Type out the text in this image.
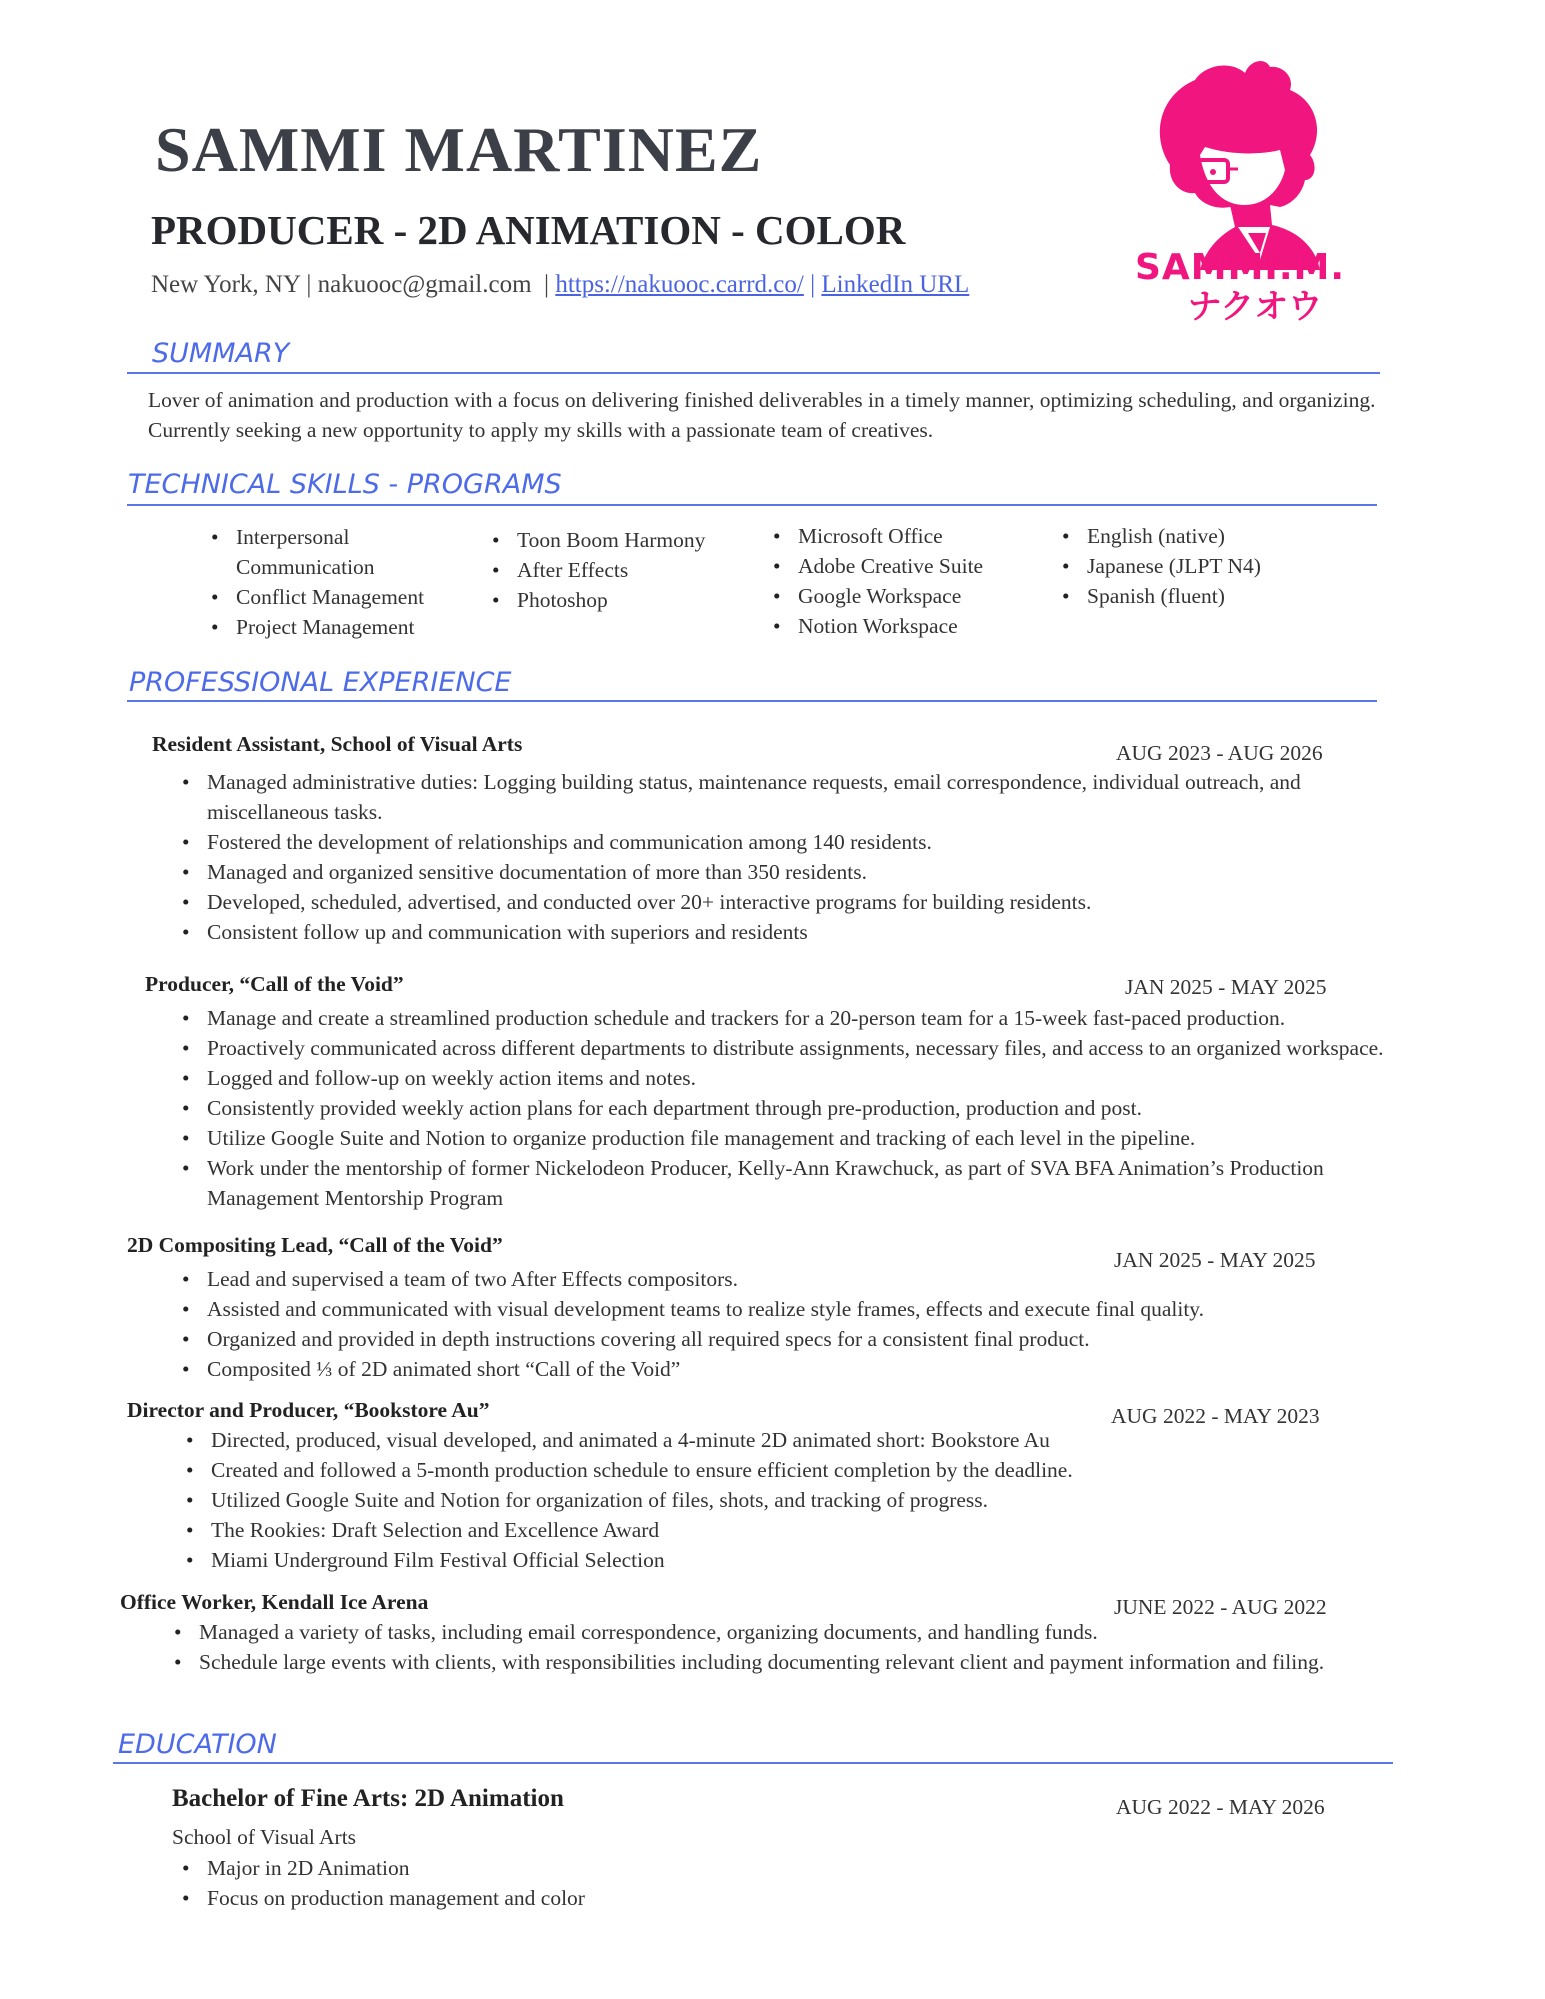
SAMMI MARTINEZ
PRODUCER - 2D ANIMATION - COLOR
New York, NY | nakuooc@gmail.com | https://nakuooc.carrd.co/ | LinkedIn URL	SAMMI.M.
ナクオウ
SUMMARY
Lover of animation and production with a focus on delivering finished deliverables in a timely manner, optimizing scheduling, and organizing. Currently seeking a new opportunity to apply my skills with a passionate team of creatives.
TECHNICAL SKILLS - PROGRAMS
• Interpersonal Communication
• Conflict Management
• Project Management
• Toon Boom Harmony
• After Effects
• Photoshop
• Microsoft Office
• Adobe Creative Suite
• Google Workspace
• Notion Workspace
• English (native)
• Japanese (JLPT N4)
• Spanish (fluent)
PROFESSIONAL EXPERIENCE
Resident Assistant, School of Visual Arts	AUG 2023 - AUG 2026
• Managed administrative duties: Logging building status, maintenance requests, email correspondence, individual outreach, and miscellaneous tasks.
• Fostered the development of relationships and communication among 140 residents.
• Managed and organized sensitive documentation of more than 350 residents.
• Developed, scheduled, advertised, and conducted over 20+ interactive programs for building residents.
• Consistent follow up and communication with superiors and residents
Producer, “Call of the Void”	JAN 2025 - MAY 2025
• Manage and create a streamlined production schedule and trackers for a 20-person team for a 15-week fast-paced production.
• Proactively communicated across different departments to distribute assignments, necessary files, and access to an organized workspace.
• Logged and follow-up on weekly action items and notes.
• Consistently provided weekly action plans for each department through pre-production, production and post.
• Utilize Google Suite and Notion to organize production file management and tracking of each level in the pipeline.
• Work under the mentorship of former Nickelodeon Producer, Kelly-Ann Krawchuck, as part of SVA BFA Animation’s Production Management Mentorship Program
2D Compositing Lead, “Call of the Void”
JAN 2025 - MAY 2025
• Lead and supervised a team of two After Effects compositors.
• Assisted and communicated with visual development teams to realize style frames, effects and execute final quality.
• Organized and provided in depth instructions covering all required specs for a consistent final product.
• Composited ⅓ of 2D animated short “Call of the Void”
Director and Producer, “Bookstore Au”	AUG 2022 - MAY 2023
• Directed, produced, visual developed, and animated a 4-minute 2D animated short: Bookstore Au
• Created and followed a 5-month production schedule to ensure efficient completion by the deadline.
• Utilized Google Suite and Notion for organization of files, shots, and tracking of progress.
• The Rookies: Draft Selection and Excellence Award
• Miami Underground Film Festival Official Selection
Office Worker, Kendall Ice Arena	JUNE 2022 - AUG 2022
• Managed a variety of tasks, including email correspondence, organizing documents, and handling funds.
• Schedule large events with clients, with responsibilities including documenting relevant client and payment information and filing.
EDUCATION
Bachelor of Fine Arts: 2D Animation	AUG 2022 - MAY 2026
School of Visual Arts
• Major in 2D Animation
• Focus on production management and color
